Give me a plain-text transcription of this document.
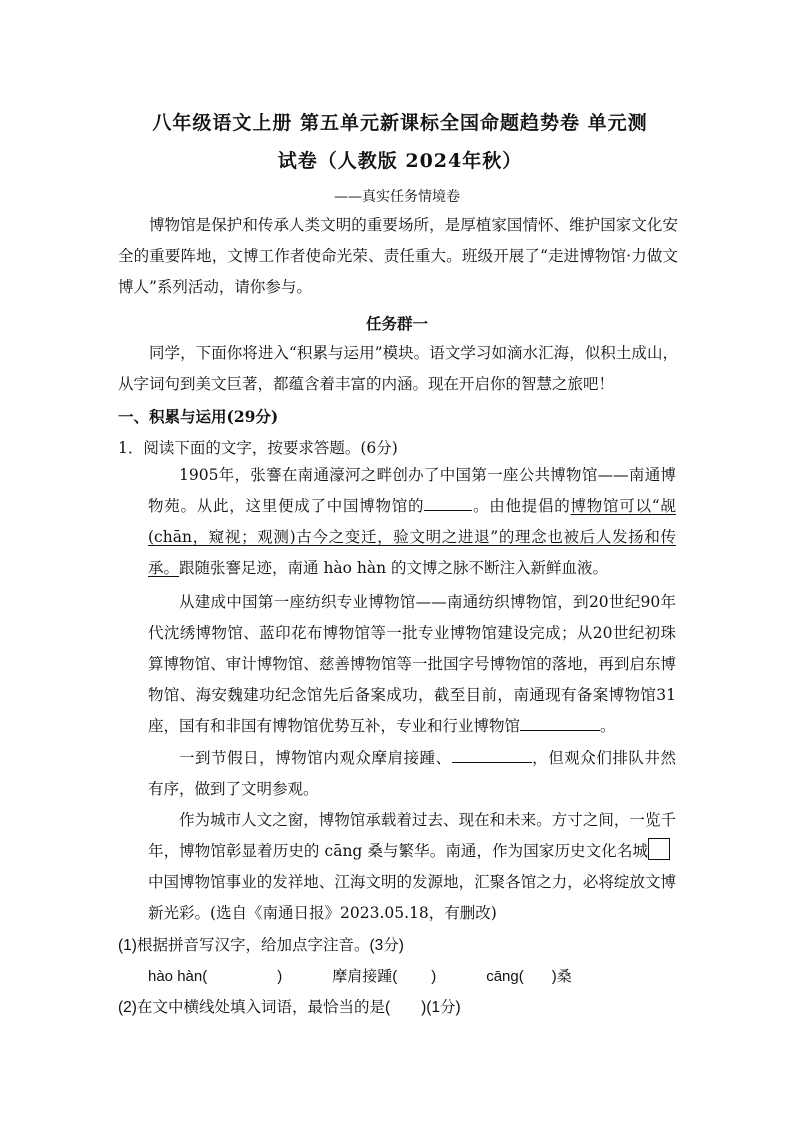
八年级语文上册 第五单元新课标全国命题趋势卷 单元测
试卷（人教版 2024年秋）
——真实任务情境卷
博物馆是保护和传承人类文明的重要场所，是厚植家国情怀、维护国家文化安全的重要阵地，文博工作者使命光荣、责任重大。班级开展了“走进博物馆·力做文博人”系列活动，请你参与。
任务群一
同学，下面你将进入“积累与运用”模块。语文学习如滴水汇海，似积土成山，从字词句到美文巨著，都蕴含着丰富的内涵。现在开启你的智慧之旅吧！
一、积累与运用(29分)
1．阅读下面的文字，按要求答题。(6分)
1905年，张謇在南通濠河之畔创办了中国第一座公共博物馆——南通博物苑。从此，这里便成了中国博物馆的	。由他提倡的博物馆可以“觇(chān，窥视；观测)古今之变迁，验文明之进退”的理念也被后人发扬和传承。跟随张謇足迹，南通 hào hàn 的文博之脉不断注入新鲜血液。
从建成中国第一座纺织专业博物馆——南通纺织博物馆，到20世纪90年代沈绣博物馆、蓝印花布博物馆等一批专业博物馆建设完成；从20世纪初珠算博物馆、审计博物馆、慈善博物馆等一批国字号博物馆的落地，再到启东博物馆、海安魏建功纪念馆先后备案成功，截至目前，南通现有备案博物馆31座，国有和非国有博物馆优势互补，专业和行业博物馆	。
一到节假日，博物馆内观众摩肩接踵、	，但观众们排队井然有序，做到了文明参观。
作为城市人文之窗，博物馆承载着过去、现在和未来。方寸之间，一览千年，博物馆彰显着历史的 cāng 桑与繁华。南通，作为国家历史文化名城中国博物馆事业的发祥地、江海文明的发源地，汇聚各馆之力，必将绽放文博新光彩。(选自《南通日报》2023.05.18，有删改)
(1)根据拼音写汉字，给加点字注音。(3分)
hào hàn(	)	摩肩接踵( )	cāng( )桑
(2)在文中横线处填入词语，最恰当的是(　　)(1分)
